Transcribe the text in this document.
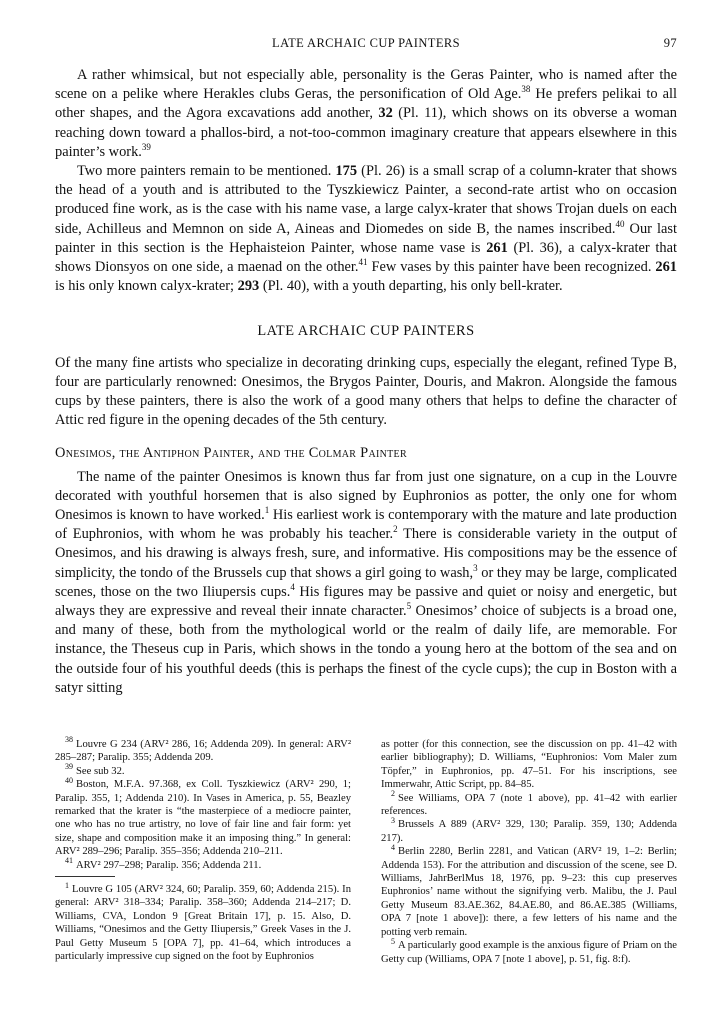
LATE ARCHAIC CUP PAINTERS	97

A rather whimsical, but not especially able, personality is the Geras Painter, who is named after the scene on a pelike where Herakles clubs Geras, the personification of Old Age.$^{38}$ He prefers pelikai to all other shapes, and the Agora excavations add another, 32 (Pl. 11), which shows on its obverse a woman reaching down toward a phallos-bird, a not-too-common imaginary creature that appears elsewhere in this painter’s work.$^{39}$

Two more painters remain to be mentioned. 175 (Pl. 26) is a small scrap of a column-krater that shows the head of a youth and is attributed to the Tyszkiewicz Painter, a second-rate artist who on occasion produced fine work, as is the case with his name vase, a large calyx-krater that shows Trojan duels on each side, Achilleus and Memnon on side A, Aineas and Diomedes on side B, the names inscribed.$^{40}$ Our last painter in this section is the Hephaisteion Painter, whose name vase is 261 (Pl. 36), a calyx-krater that shows Dionsyos on one side, a maenad on the other.$^{41}$ Few vases by this painter have been recognized. 261 is his only known calyx-krater; 293 (Pl. 40), with a youth departing, his only bell-krater.

LATE ARCHAIC CUP PAINTERS

Of the many fine artists who specialize in decorating drinking cups, especially the elegant, refined Type B, four are particularly renowned: Onesimos, the Brygos Painter, Douris, and Makron. Alongside the famous cups by these painters, there is also the work of a good many others that helps to define the character of Attic red figure in the opening decades of the 5th century.

Onesimos, the Antiphon Painter, and the Colmar Painter

The name of the painter Onesimos is known thus far from just one signature, on a cup in the Louvre decorated with youthful horsemen that is also signed by Euphronios as potter, the only one for whom Onesimos is known to have worked.$^1$ His earliest work is contemporary with the mature and late production of Euphronios, with whom he was probably his teacher.$^2$ There is considerable variety in the output of Onesimos, and his drawing is always fresh, sure, and informative. His compositions may be the essence of simplicity, the tondo of the Brussels cup that shows a girl going to wash,$^3$ or they may be large, complicated scenes, those on the two Iliupersis cups.$^4$ His figures may be passive and quiet or noisy and energetic, but always they are expressive and reveal their innate character.$^5$ Onesimos’ choice of subjects is a broad one, and many of these, both from the mythological world or the realm of daily life, are memorable. For instance, the Theseus cup in Paris, which shows in the tondo a young hero at the bottom of the sea and on the outside four of his youthful deeds (this is perhaps the finest of the cycle cups); the cup in Boston with a satyr sitting

$^{38}$ Louvre G 234 (ARV² 286, 16; Addenda 209). In general: ARV² 285–287; Paralip. 355; Addenda 209.

$^{39}$ See sub 32.

$^{40}$ Boston, M.F.A. 97.368, ex Coll. Tyszkiewicz (ARV² 290, 1; Paralip. 355, 1; Addenda 210). In Vases in America, p. 55, Beazley remarked that the krater is “the masterpiece of a mediocre painter, one who has no true artistry, no love of fair line and fair form: yet size, shape and composition make it an imposing thing.” In general: ARV² 289–296; Paralip. 355–356; Addenda 210–211.

$^{41}$ ARV² 297–298; Paralip. 356; Addenda 211.

$^1$ Louvre G 105 (ARV² 324, 60; Paralip. 359, 60; Addenda 215). In general: ARV² 318–334; Paralip. 358–360; Addenda 214–217; D. Williams, CVA, London 9 [Great Britain 17], p. 15. Also, D. Williams, “Onesimos and the Getty Iliupersis,” Greek Vases in the J. Paul Getty Museum 5 [OPA 7], pp. 41–64, which introduces a particularly impressive cup signed on the foot by Euphronios

as potter (for this connection, see the discussion on pp. 41–42 with earlier bibliography); D. Williams, “Euphronios: Vom Maler zum Töpfer,” in Euphronios, pp. 47–51. For his inscriptions, see Immerwahr, Attic Script, pp. 84–85.

$^2$ See Williams, OPA 7 (note 1 above), pp. 41–42 with earlier references.

$^3$ Brussels A 889 (ARV² 329, 130; Paralip. 359, 130; Addenda 217).

$^4$ Berlin 2280, Berlin 2281, and Vatican (ARV² 19, 1–2: Berlin; Addenda 153). For the attribution and discussion of the scene, see D. Williams, JahrBerlMus 18, 1976, pp. 9–23: this cup preserves Euphronios’ name without the signifying verb. Malibu, the J. Paul Getty Museum 83.AE.362, 84.AE.80, and 86.AE.385 (Williams, OPA 7 [note 1 above]): there, a few letters of his name and the potting verb remain.

$^5$ A particularly good example is the anxious figure of Priam on the Getty cup (Williams, OPA 7 [note 1 above], p. 51, fig. 8:f).
